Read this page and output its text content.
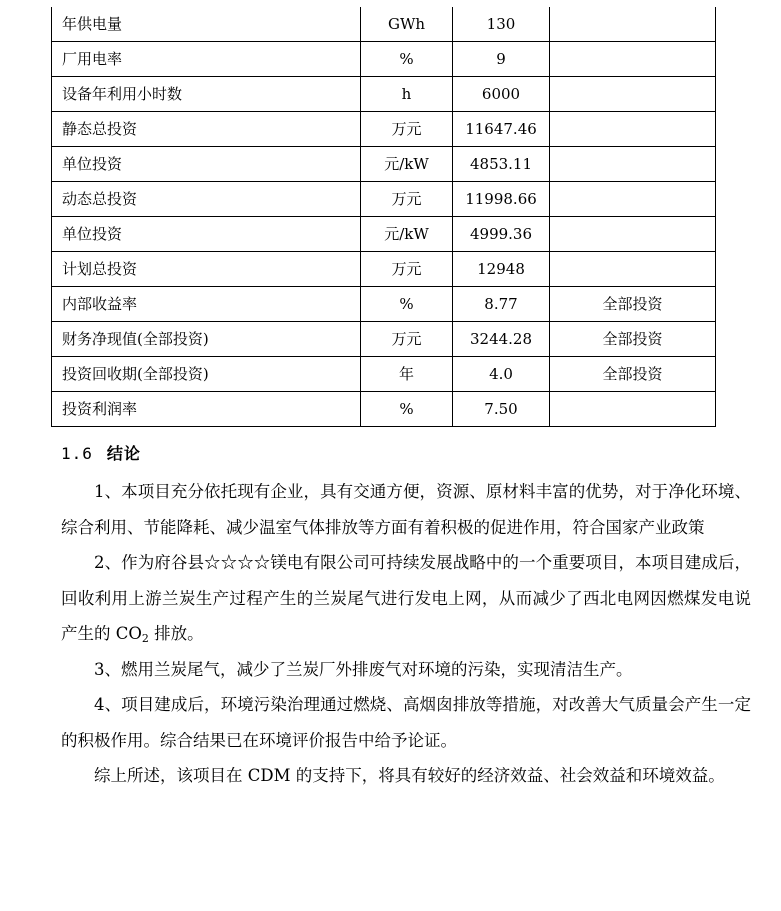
年供电量	GWh	130	
厂用电率	%	9	
设备年利用小时数	h	6000	
静态总投资	万元	11647.46	
单位投资	元/kW	4853.11	
动态总投资	万元	11998.66	
单位投资	元/kW	4999.36	
计划总投资	万元	12948	
内部收益率	%	8.77	全部投资
财务净现值(全部投资)	万元	3244.28	全部投资
投资回收期(全部投资)	年	4.0	全部投资
投资利润率	%	7.50	
1.6 结论

1、本项目充分依托现有企业，具有交通方便，资源、原材料丰富的优势，对于净化环境、综合利用、节能降耗、减少温室气体排放等方面有着积极的促进作用，符合国家产业政策

2、作为府谷县☆☆☆☆镁电有限公司可持续发展战略中的一个重要项目，本项目建成后，回收利用上游兰炭生产过程产生的兰炭尾气进行发电上网，从而减少了西北电网因燃煤发电说产生的 $CO_2$ 排放。

3、燃用兰炭尾气，减少了兰炭厂外排废气对环境的污染，实现清洁生产。

4、项目建成后，环境污染治理通过燃烧、高烟囱排放等措施，对改善大气质量会产生一定的积极作用。综合结果已在环境评价报告中给予论证。

综上所述，该项目在 CDM 的支持下，将具有较好的经济效益、社会效益和环境效益。
